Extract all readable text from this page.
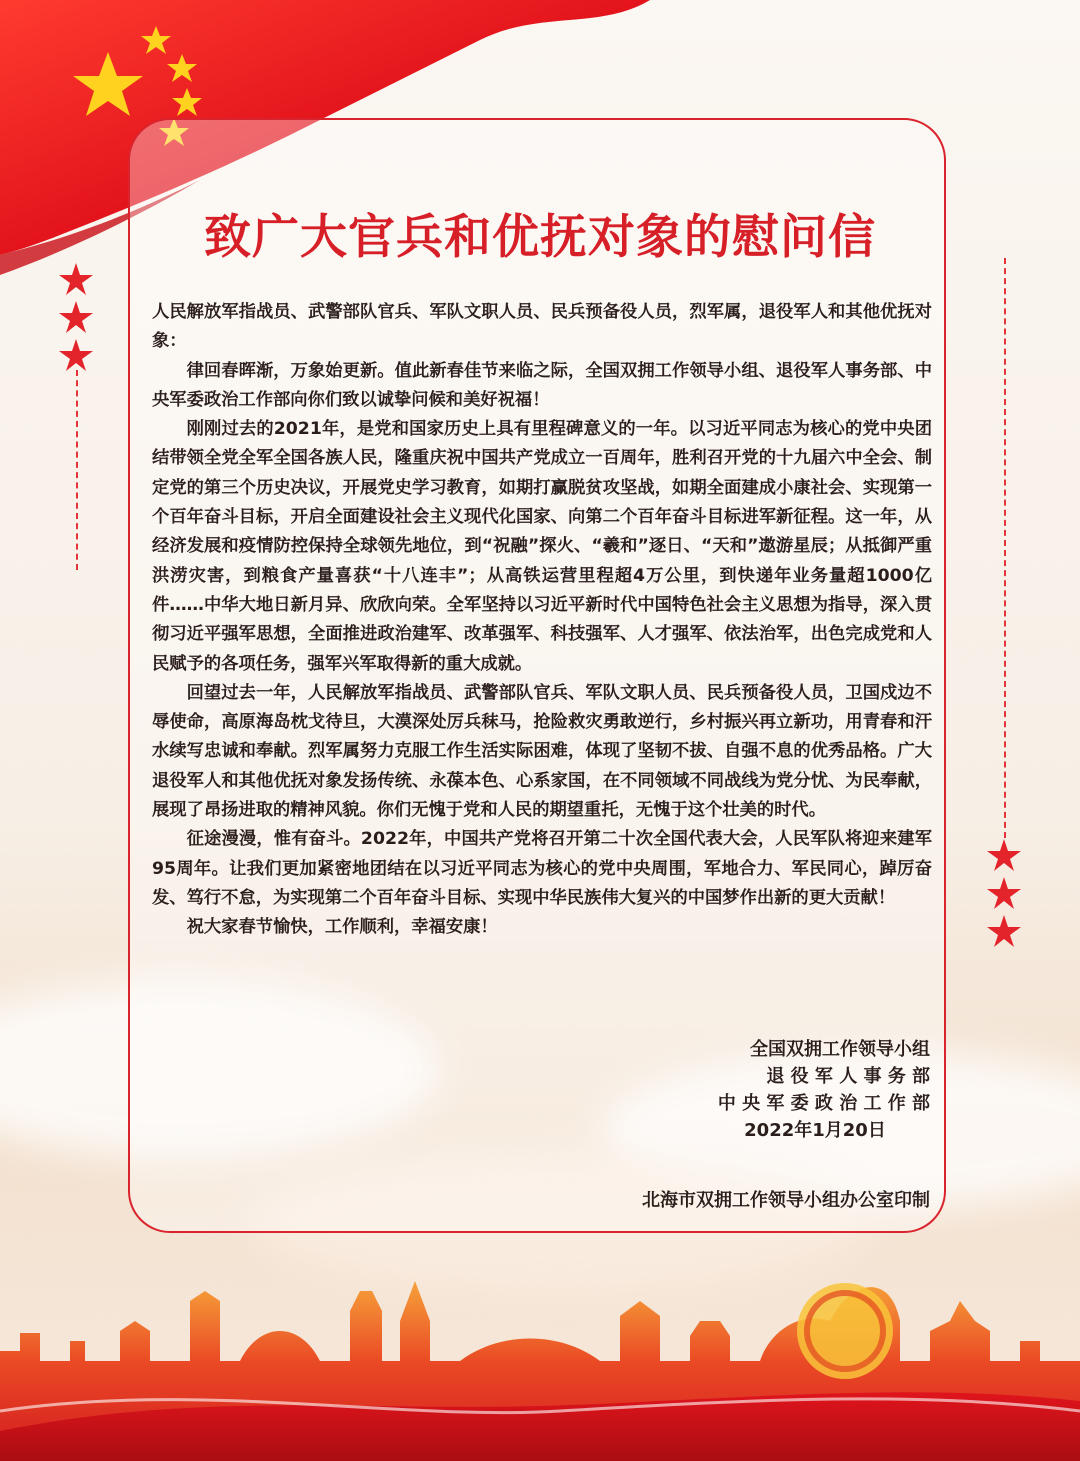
致广大官兵和优抚对象的慰问信

人民解放军指战员、武警部队官兵、军队文职人员、民兵预备役人员，烈军属，退役军人和其他优抚对象：

律回春晖渐，万象始更新。值此新春佳节来临之际，全国双拥工作领导小组、退役军人事务部、中央军委政治工作部向你们致以诚挚问候和美好祝福！

刚刚过去的2021年，是党和国家历史上具有里程碑意义的一年。以习近平同志为核心的党中央团结带领全党全军全国各族人民，隆重庆祝中国共产党成立一百周年，胜利召开党的十九届六中全会、制定党的第三个历史决议，开展党史学习教育，如期打赢脱贫攻坚战，如期全面建成小康社会、实现第一个百年奋斗目标，开启全面建设社会主义现代化国家、向第二个百年奋斗目标进军新征程。这一年，从经济发展和疫情防控保持全球领先地位，到“祝融”探火、“羲和”逐日、“天和”遨游星辰；从抵御严重洪涝灾害，到粮食产量喜获“十八连丰”；从高铁运营里程超4万公里，到快递年业务量超1000亿件……中华大地日新月异、欣欣向荣。全军坚持以习近平新时代中国特色社会主义思想为指导，深入贯彻习近平强军思想，全面推进政治建军、改革强军、科技强军、人才强军、依法治军，出色完成党和人民赋予的各项任务，强军兴军取得新的重大成就。

回望过去一年，人民解放军指战员、武警部队官兵、军队文职人员、民兵预备役人员，卫国戍边不辱使命，高原海岛枕戈待旦，大漠深处厉兵秣马，抢险救灾勇敢逆行，乡村振兴再立新功，用青春和汗水续写忠诚和奉献。烈军属努力克服工作生活实际困难，体现了坚韧不拔、自强不息的优秀品格。广大退役军人和其他优抚对象发扬传统、永葆本色、心系家国，在不同领域不同战线为党分忧、为民奉献，展现了昂扬进取的精神风貌。你们无愧于党和人民的期望重托，无愧于这个壮美的时代。

征途漫漫，惟有奋斗。2022年，中国共产党将召开第二十次全国代表大会，人民军队将迎来建军95周年。让我们更加紧密地团结在以习近平同志为核心的党中央周围，军地合力、军民同心，踔厉奋发、笃行不怠，为实现第二个百年奋斗目标、实现中华民族伟大复兴的中国梦作出新的更大贡献！

祝大家春节愉快，工作顺利，幸福安康！

全国双拥工作领导小组
退 役 军 人 事 务 部
中 央 军 委 政 治 工 作 部
2022年1月20日
北海市双拥工作领导小组办公室印制
